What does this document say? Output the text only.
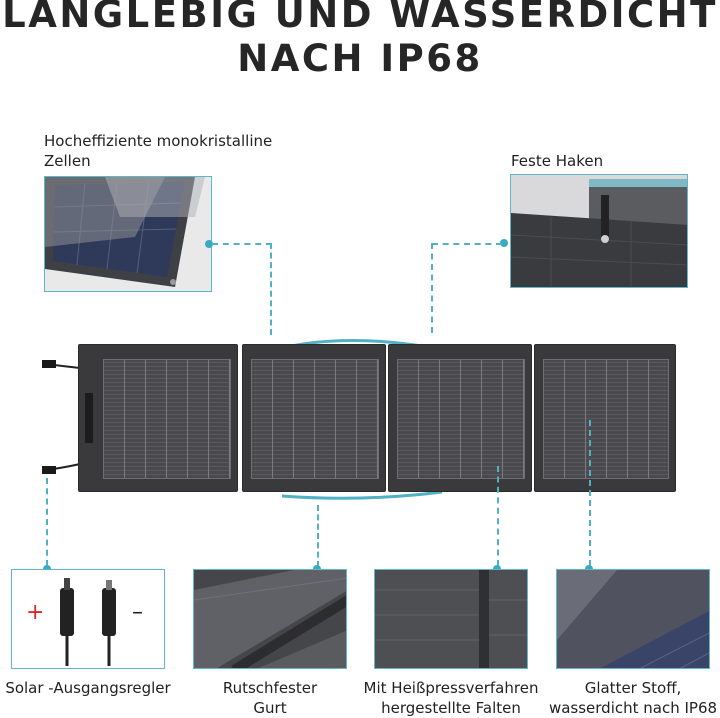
LANGLEBIG UND WASSERDICHT
NACH IP68
Hocheffiziente monokristalline
Zellen	Feste Haken
+	–
Solar -Ausgangsregler	Rutschfester
Gurt
Mit Heißpressverfahren
hergestellte Falten
Glatter Stoff,
wasserdicht nach IP68
